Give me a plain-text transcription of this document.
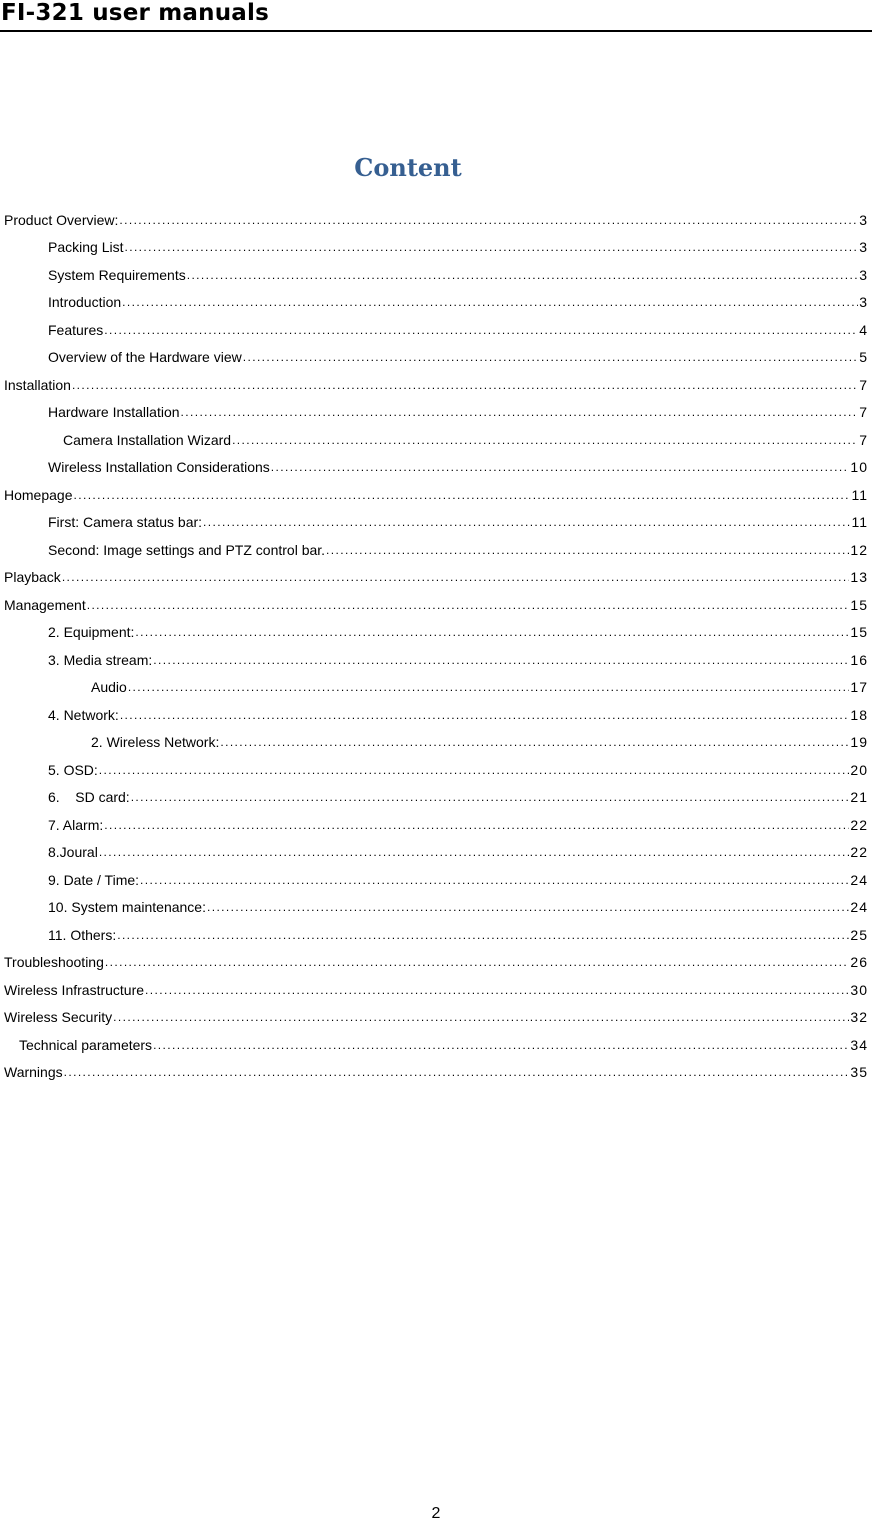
FI-321 user manuals
Content
Product Overview: .....	3
Packing List .....	3
System Requirements .....	3
Introduction .....	3
Features .....	4
Overview of the Hardware view .....	5
Installation .....	7
Hardware Installation .....	7
Camera Installation Wizard .....	7
Wireless Installation Considerations .....	10
Homepage .....	11
First: Camera status bar: .....	11
Second: Image settings and PTZ control bar. .....	12
Playback .....	13
Management .....	15
2. Equipment: .....	15
3. Media stream: .....	16
Audio .....	17
4. Network: .....	18
2. Wireless Network: .....	19
5. OSD: .....	20
6.    SD card: .....	21
7. Alarm: .....	22
8.Joural .....	22
9. Date / Time: .....	24
10. System maintenance: .....	24
11. Others: .....	25
Troubleshooting .....	26
Wireless Infrastructure .....	30
Wireless Security .....	32
Technical parameters .....	34
Warnings .....	35
2
